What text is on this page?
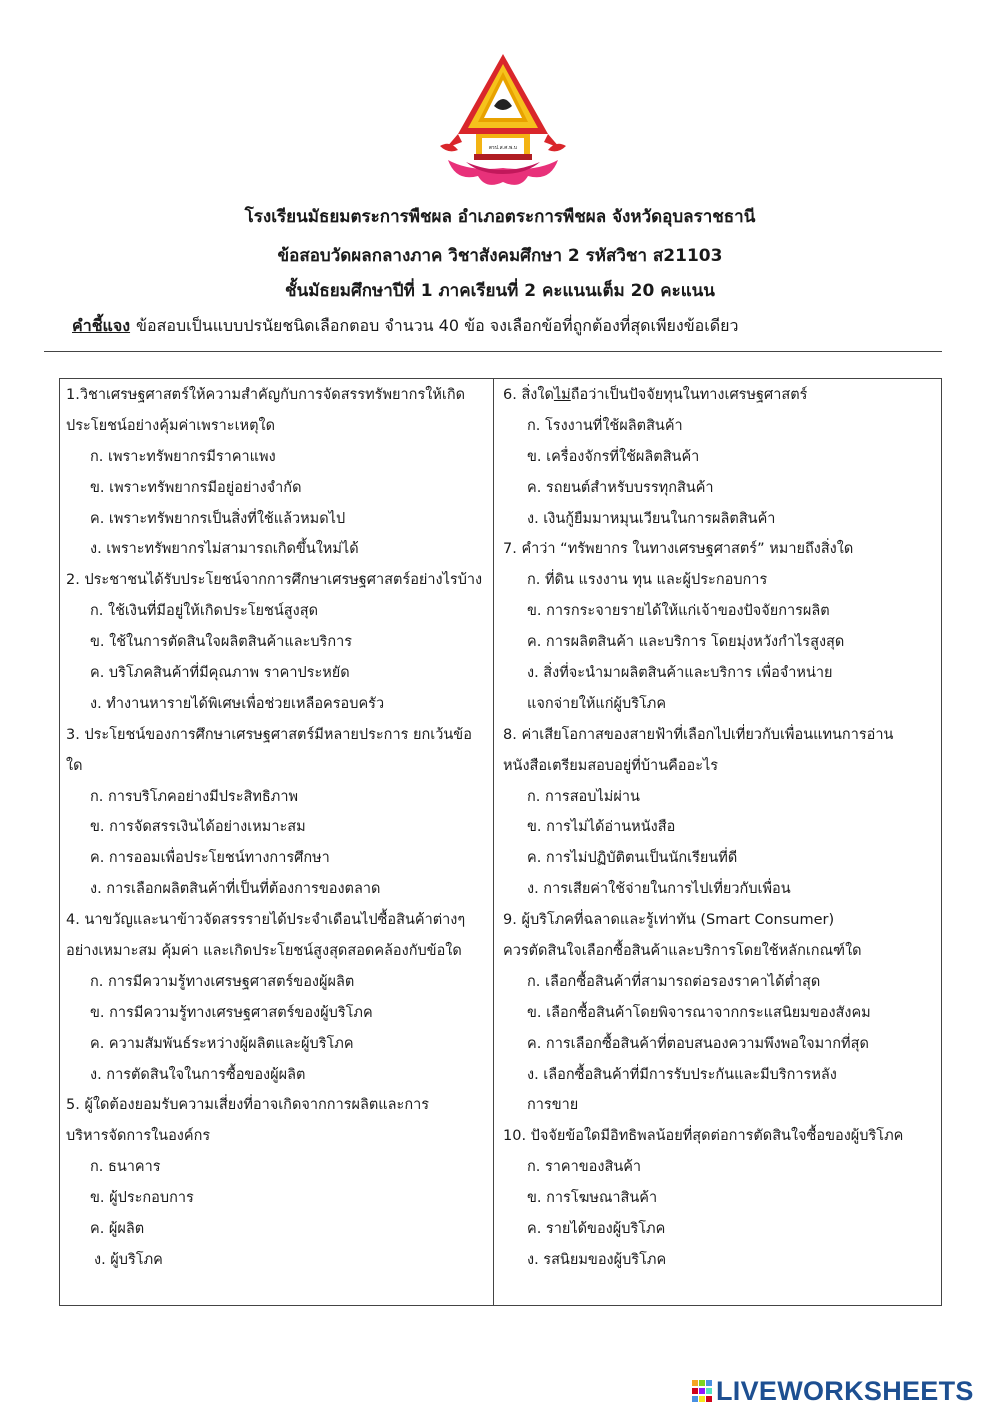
ตรป.ส.ศ.พ.บ
โรงเรียนมัธยมตระการพืชผล อำเภอตระการพืชผล จังหวัดอุบลราชธานี
ข้อสอบวัดผลกลางภาค วิชาสังคมศึกษา 2 รหัสวิชา ส21103
ชั้นมัธยมศึกษาปีที่ 1 ภาคเรียนที่ 2 คะแนนเต็ม 20 คะแนน
คำชี้แจง ข้อสอบเป็นแบบปรนัยชนิดเลือกตอบ จำนวน 40 ข้อ จงเลือกข้อที่ถูกต้องที่สุดเพียงข้อเดียว
1.วิชาเศรษฐศาสตร์ให้ความสำคัญกับการจัดสรรทรัพยากรให้เกิด
ประโยชน์อย่างคุ้มค่าเพราะเหตุใด
ก. เพราะทรัพยากรมีราคาแพง
ข. เพราะทรัพยากรมีอยู่อย่างจำกัด
ค. เพราะทรัพยากรเป็นสิ่งที่ใช้แล้วหมดไป
ง. เพราะทรัพยากรไม่สามารถเกิดขึ้นใหม่ได้
2. ประชาชนได้รับประโยชน์จากการศึกษาเศรษฐศาสตร์อย่างไรบ้าง
ก. ใช้เงินที่มีอยู่ให้เกิดประโยชน์สูงสุด
ข. ใช้ในการตัดสินใจผลิตสินค้าและบริการ
ค. บริโภคสินค้าที่มีคุณภาพ ราคาประหยัด
ง. ทำงานหารายได้พิเศษเพื่อช่วยเหลือครอบครัว
3. ประโยชน์ของการศึกษาเศรษฐศาสตร์มีหลายประการ ยกเว้นข้อ
ใด
ก. การบริโภคอย่างมีประสิทธิภาพ
ข. การจัดสรรเงินได้อย่างเหมาะสม
ค. การออมเพื่อประโยชน์ทางการศึกษา
ง. การเลือกผลิตสินค้าที่เป็นที่ต้องการของตลาด
4. นาขวัญและนาข้าวจัดสรรรายได้ประจำเดือนไปซื้อสินค้าต่างๆ
อย่างเหมาะสม คุ้มค่า และเกิดประโยชน์สูงสุดสอดคล้องกับข้อใด
ก. การมีความรู้ทางเศรษฐศาสตร์ของผู้ผลิต
ข. การมีความรู้ทางเศรษฐศาสตร์ของผู้บริโภค
ค. ความสัมพันธ์ระหว่างผู้ผลิตและผู้บริโภค
ง. การตัดสินใจในการซื้อของผู้ผลิต
5. ผู้ใดต้องยอมรับความเสี่ยงที่อาจเกิดจากการผลิตและการ
บริหารจัดการในองค์กร
ก. ธนาคาร
ข. ผู้ประกอบการ
ค. ผู้ผลิต
ง. ผู้บริโภค
6. สิ่งใดไม่ถือว่าเป็นปัจจัยทุนในทางเศรษฐศาสตร์
ก. โรงงานที่ใช้ผลิตสินค้า
ข. เครื่องจักรที่ใช้ผลิตสินค้า
ค. รถยนต์สำหรับบรรทุกสินค้า
ง. เงินกู้ยืมมาหมุนเวียนในการผลิตสินค้า
7. คำว่า “ทรัพยากร ในทางเศรษฐศาสตร์” หมายถึงสิ่งใด
ก. ที่ดิน แรงงาน ทุน และผู้ประกอบการ
ข. การกระจายรายได้ให้แก่เจ้าของปัจจัยการผลิต
ค. การผลิตสินค้า และบริการ โดยมุ่งหวังกำไรสูงสุด
ง. สิ่งที่จะนำมาผลิตสินค้าและบริการ เพื่อจำหน่าย
แจกจ่ายให้แก่ผู้บริโภค
8. ค่าเสียโอกาสของสายฟ้าที่เลือกไปเที่ยวกับเพื่อนแทนการอ่าน
หนังสือเตรียมสอบอยู่ที่บ้านคืออะไร
ก. การสอบไม่ผ่าน
ข. การไม่ได้อ่านหนังสือ
ค. การไม่ปฏิบัติตนเป็นนักเรียนที่ดี
ง. การเสียค่าใช้จ่ายในการไปเที่ยวกับเพื่อน
9. ผู้บริโภคที่ฉลาดและรู้เท่าทัน (Smart Consumer)
ควรตัดสินใจเลือกซื้อสินค้าและบริการโดยใช้หลักเกณฑ์ใด
ก. เลือกซื้อสินค้าที่สามารถต่อรองราคาได้ต่ำสุด
ข. เลือกซื้อสินค้าโดยพิจารณาจากกระแสนิยมของสังคม
ค. การเลือกซื้อสินค้าที่ตอบสนองความพึงพอใจมากที่สุด
ง. เลือกซื้อสินค้าที่มีการรับประกันและมีบริการหลัง
การขาย
10. ปัจจัยข้อใดมีอิทธิพลน้อยที่สุดต่อการตัดสินใจซื้อของผู้บริโภค
ก. ราคาของสินค้า
ข. การโฆษณาสินค้า
ค. รายได้ของผู้บริโภค
ง. รสนิยมของผู้บริโภค
LIVEWORKSHEETS
